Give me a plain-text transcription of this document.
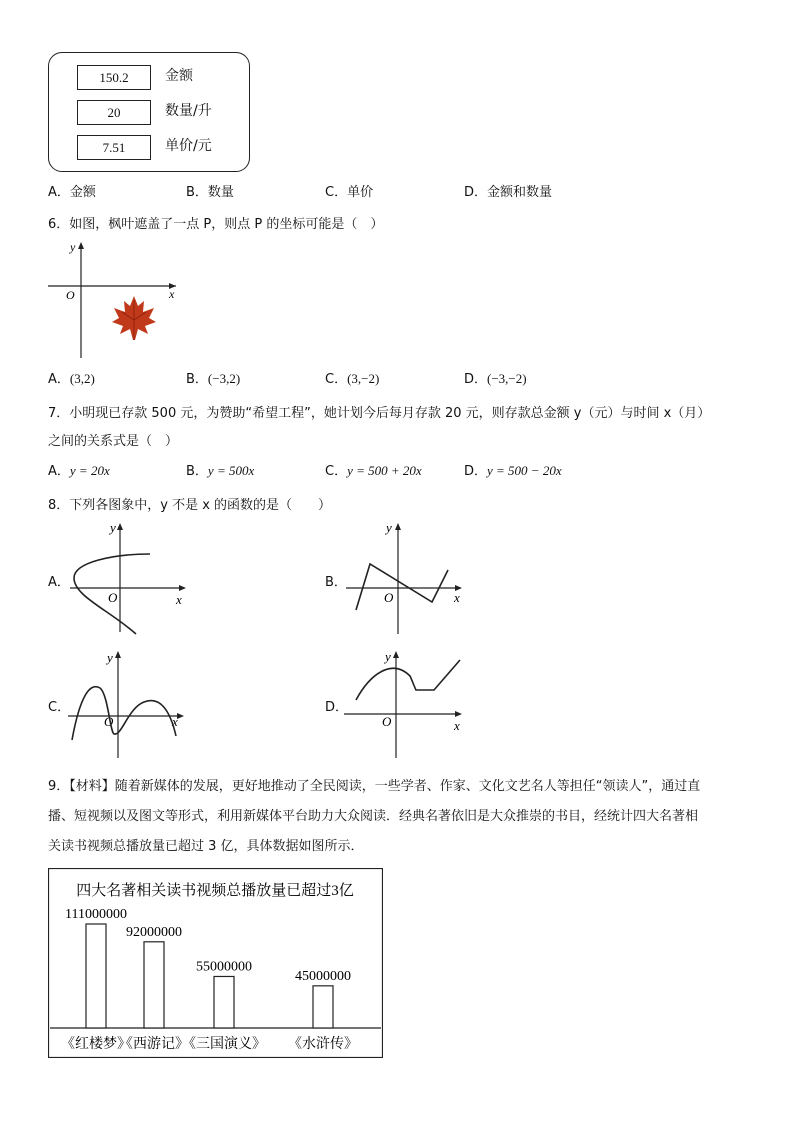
150.2	金额
20	数量/升
7.51	单价/元
A．金额	B．数量	C．单价	D．金额和数量
6．如图，枫叶遮盖了一点 P，则点 P 的坐标可能是（　）
x
y
O
A．(3,2)	B．(−3,2)	C．(3,−2)	D．(−3,−2)
7．小明现已存款 500 元，为赞助“希望工程”，她计划今后每月存款 20 元，则存款总金额 y（元）与时间 x（月）
之间的关系式是（　）
A．y = 20x	B．y = 500x	C．y = 500 + 20x	D．y = 500 − 20x
8．下列各图象中，y 不是 x 的函数的是（　　）
A．
x
y
O
B．
x
y
O
C．
x
y
O
D．
x
y
O
9．【材料】随着新媒体的发展，更好地推动了全民阅读，一些学者、作家、文化文艺名人等担任“领读人”，通过直
播、短视频以及图文等形式，利用新媒体平台助力大众阅读．经典名著依旧是大众推崇的书目，经统计四大名著相
关读书视频总播放量已超过 3 亿，具体数据如图所示．
四大名著相关读书视频总播放量已超过3亿
111000000
92000000
55000000
45000000
《红楼梦》
《西游记》
《三国演义》 《水浒传》
